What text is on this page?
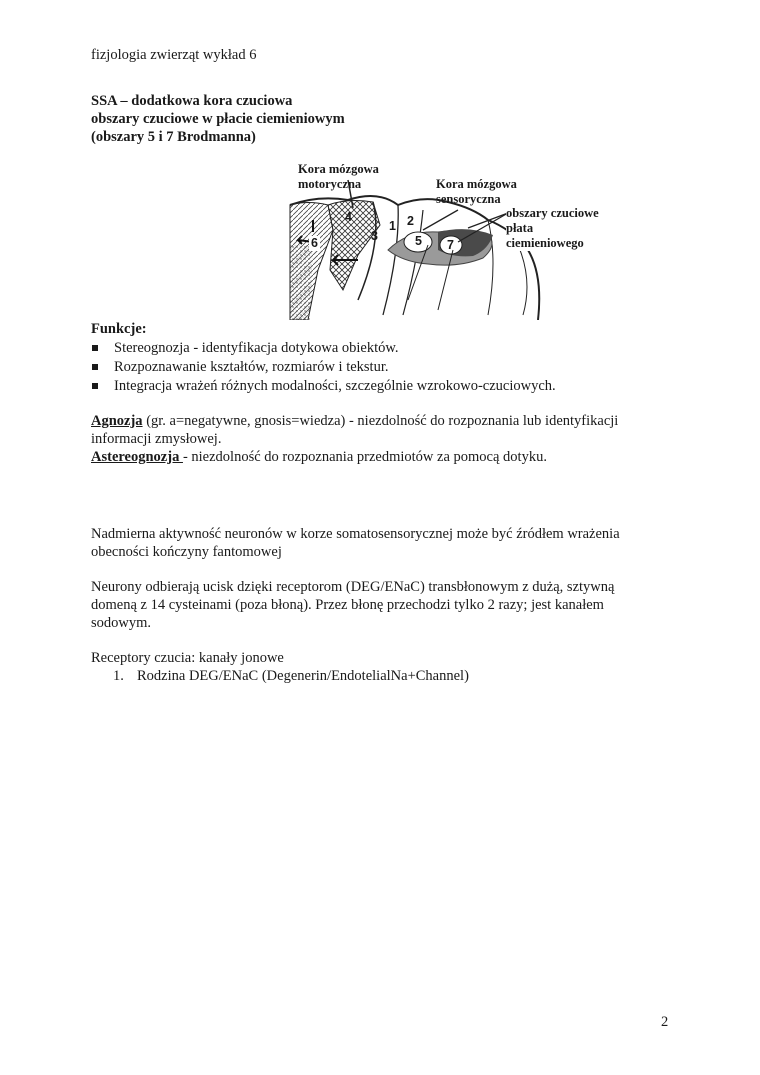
fizjologia zwierząt wykład 6
SSA – dodatkowa kora czuciowa
obszary czuciowe w płacie ciemieniowym
(obszary 5 i 7 Brodmanna)
Kora mózgowa
motoryczna	Kora mózgowa
sensoryczna
obszary czuciowe
płata
ciemieniowego
4
6	3
1 2
5 7
Funkcje:
Stereognozja - identyfikacja dotykowa obiektów.
Rozpoznawanie kształtów, rozmiarów i tekstur.
Integracja wrażeń różnych modalności, szczególnie wzrokowo-czuciowych.
Agnozja (gr. a=negatywne, gnosis=wiedza) - niezdolność do rozpoznania lub identyfikacji
informacji zmysłowej.
Astereognozja - niezdolność do rozpoznania przedmiotów za pomocą dotyku.
Nadmierna aktywność neuronów w korze somatosensorycznej może być źródłem wrażenia
obecności kończyny fantomowej
Neurony odbierają ucisk dzięki receptorom (DEG/ENaC) transbłonowym z dużą, sztywną
domeną z 14 cysteinami (poza błoną). Przez błonę przechodzi tylko 2 razy; jest kanałem
sodowym.
Receptory czucia: kanały jonowe
1. Rodzina DEG/ENaC (Degenerin/EndotelialNa+Channel)
2
